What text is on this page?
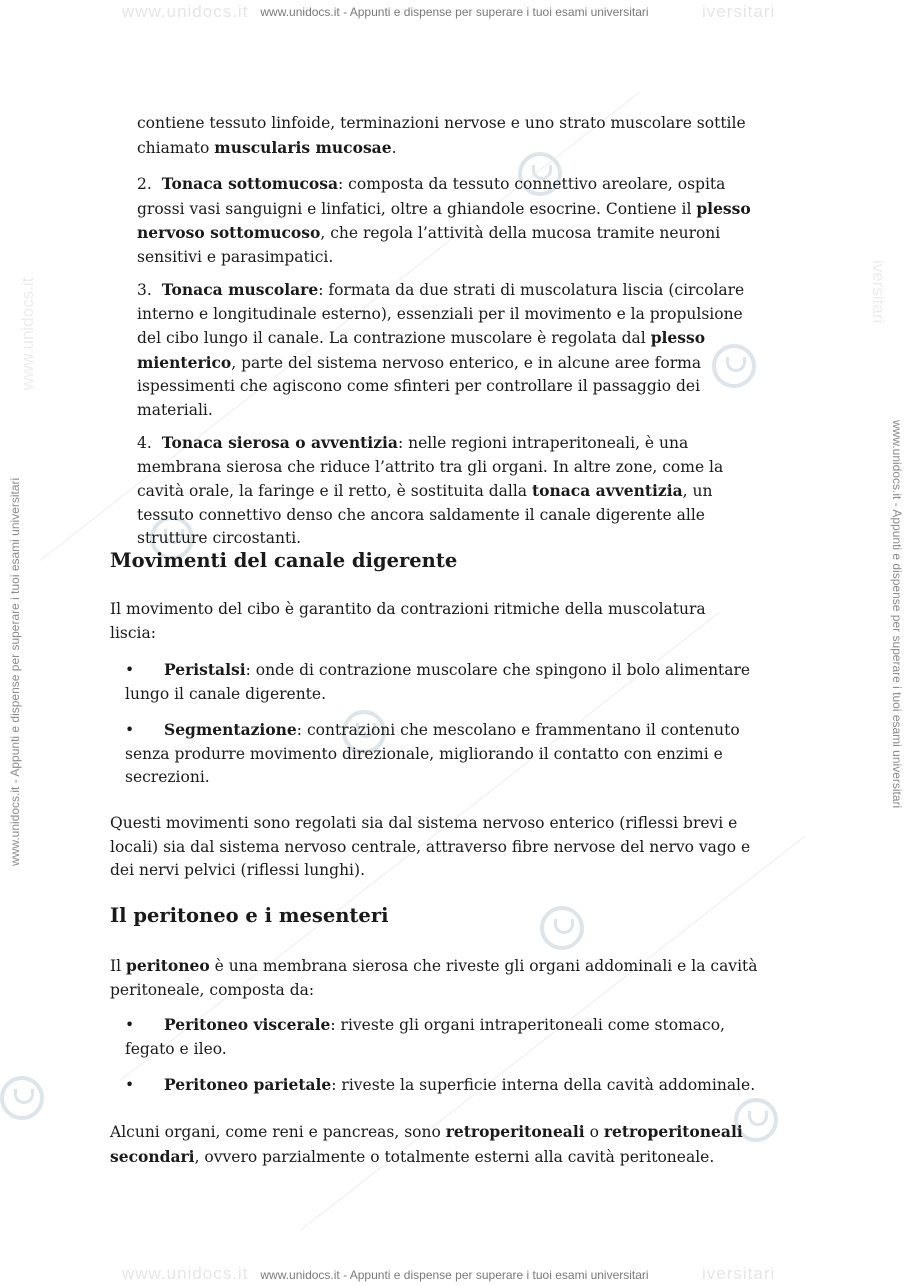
www.unidocs.it	iversitari
www.unidocs.it	iversitari
www.unidocs.it - Appunti e dispense per superare i tuoi esami universitari
www.unidocs.it - Appunti e dispense per superare i tuoi esami universitari
www.unidocs.it - Appunti e dispense per superare i tuoi esami universitari
www.unidocs.it
www.unidocs.it - Appunti e dispense per superare i tuoi esami universitari
iversitari
contiene tessuto linfoide, terminazioni nervose e uno strato muscolare sottile
chiamato muscularis mucosae.
2. Tonaca sottomucosa: composta da tessuto connettivo areolare, ospita
grossi vasi sanguigni e linfatici, oltre a ghiandole esocrine. Contiene il plesso
nervoso sottomucoso, che regola l’attività della mucosa tramite neuroni
sensitivi e parasimpatici.
3. Tonaca muscolare: formata da due strati di muscolatura liscia (circolare
interno e longitudinale esterno), essenziali per il movimento e la propulsione
del cibo lungo il canale. La contrazione muscolare è regolata dal plesso
mienterico, parte del sistema nervoso enterico, e in alcune aree forma
ispessimenti che agiscono come sfinteri per controllare il passaggio dei
materiali.
4. Tonaca sierosa o avventizia: nelle regioni intraperitoneali, è una
membrana sierosa che riduce l’attrito tra gli organi. In altre zone, come la
cavità orale, la faringe e il retto, è sostituita dalla tonaca avventizia, un
tessuto connettivo denso che ancora saldamente il canale digerente alle
strutture circostanti.
Movimenti del canale digerente
Il movimento del cibo è garantito da contrazioni ritmiche della muscolatura
liscia:
• Peristalsi: onde di contrazione muscolare che spingono il bolo alimentare
lungo il canale digerente.
• Segmentazione: contrazioni che mescolano e frammentano il contenuto
senza produrre movimento direzionale, migliorando il contatto con enzimi e
secrezioni.
Questi movimenti sono regolati sia dal sistema nervoso enterico (riflessi brevi e
locali) sia dal sistema nervoso centrale, attraverso fibre nervose del nervo vago e
dei nervi pelvici (riflessi lunghi).
Il peritoneo e i mesenteri
Il peritoneo è una membrana sierosa che riveste gli organi addominali e la cavità
peritoneale, composta da:
• Peritoneo viscerale: riveste gli organi intraperitoneali come stomaco,
fegato e ileo.
• Peritoneo parietale: riveste la superficie interna della cavità addominale.
Alcuni organi, come reni e pancreas, sono retroperitoneali o retroperitoneali
secondari, ovvero parzialmente o totalmente esterni alla cavità peritoneale.
